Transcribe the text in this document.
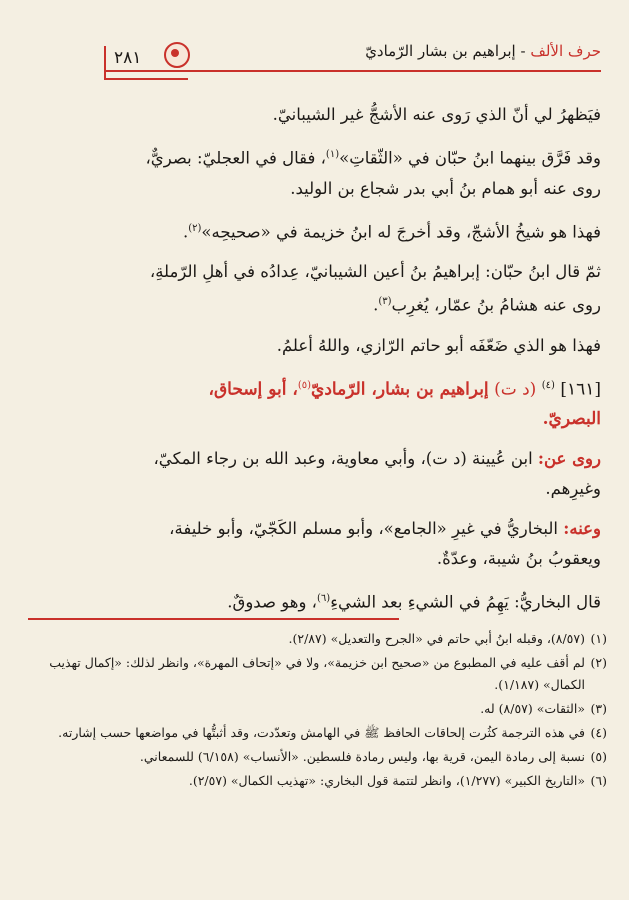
حرف الألف - إبراهيم بن بشار الرّماديّ
٢٨١

فيَظهرُ لي أنّ الذي رَوى عنه الأشجُّ غير الشيبانيّ.

وقد فَرَّق بينهما ابنُ حبّان في «الثّقاتِ»$^{(١)}$، فقال في العجليّ: بصريٌّ،
روى عنه أبو همام بنُ أبي بدر شجاع بن الوليد.

فهذا هو شيخُ الأشجّ، وقد أخرجَ له ابنُ خزيمة في «صحيحِه»$^{(٢)}$.

ثمّ قال ابنُ حبّان: إبراهيمُ بنُ أعين الشيبانيّ، عِدادُه في أهلِ الرّملةِ،
روى عنه هشامُ بنُ عمّار، يُغرِب$^{(٣)}$.

فهذا هو الذي ضَعّفَه أبو حاتم الرّازي، واللهُ أعلمُ.

[١٦١] $^{(٤)}$ (د ت) إبراهيم بن بشار، الرّماديّ$^{(٥)}$، أبو إسحاق،
البصريّ.

روى عن: ابن عُيينة (د ت)، وأبي معاوية، وعبد الله بن رجاء المكيّ،
وغيرِهم.

وعنه: البخاريُّ في غيرِ «الجامع»، وأبو مسلم الكَجّيّ، وأبو خليفة،
ويعقوبُ بنُ شيبة، وعدّةٌ.

قال البخاريُّ: يَهِمُ في الشيءِ بعد الشيءِ$^{(٦)}$، وهو صدوقٌ.

(١)
(٨/٥٧)، وقبله ابنُ أبي حاتم في «الجرح والتعديل» (٢/٨٧).

(٢)
لم أقف عليه في المطبوع من «صحيح ابن خزيمة»، ولا في «إتحاف المهرة»، وانظر لذلك: «إكمال تهذيب الكمال» (١/١٨٧).

(٣)
«الثقات» (٨/٥٧) له.

(٤)
في هذه الترجمة كثُرت إلحاقات الحافظ ﷺ في الهامش وتعدّدت، وقد أثبتُّها في مواضعها حسب إشارته.

(٥)
نسبة إلى رمادة اليمن، قرية بها، وليس رمادة فلسطين. «الأنساب» (٦/١٥٨) للسمعاني.

(٦)
«التاريخ الكبير» (١/٢٧٧)، وانظر لتتمة قول البخاري: «تهذيب الكمال» (٢/٥٧).
